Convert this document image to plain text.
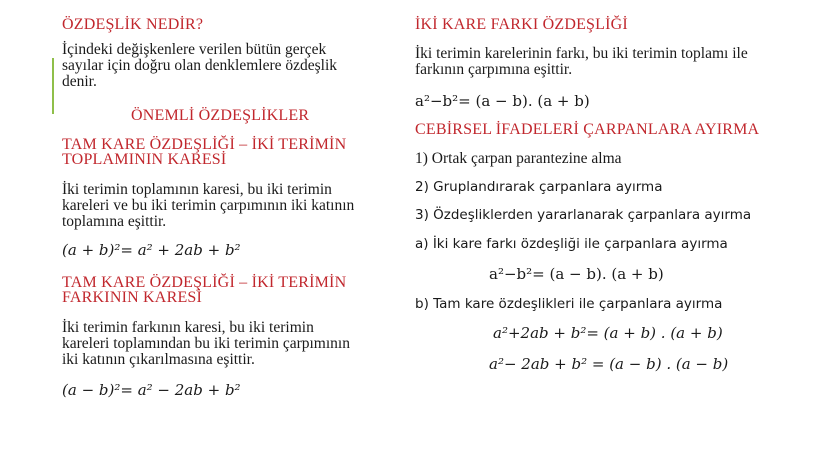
ÖZDEŞLİK NEDİR?
İçindeki değişkenlere verilen bütün gerçek
sayılar için doğru olan denklemlere özdeşlik
denir.
ÖNEMLİ ÖZDEŞLİKLER
TAM KARE ÖZDEŞLİĞİ – İKİ TERİMİN
TOPLAMININ KARESİ
İki terimin toplamının karesi, bu iki terimin
kareleri ve bu iki terimin çarpımının iki katının
toplamına eşittir.
(a + b)²= a² + 2ab + b²
TAM KARE ÖZDEŞLİĞİ – İKİ TERİMİN
FARKININ KARESİ
İki terimin farkının karesi, bu iki terimin
kareleri toplamından bu iki terimin çarpımının
iki katının çıkarılmasına eşittir.
(a − b)²= a² − 2ab + b²
İKİ KARE FARKI ÖZDEŞLİĞİ
İki terimin karelerinin farkı, bu iki terimin toplamı ile
farkının çarpımına eşittir.
a²−b²= (a − b). (a + b)
CEBİRSEL İFADELERİ ÇARPANLARA AYIRMA
1) Ortak çarpan parantezine alma
2) Gruplandırarak çarpanlara ayırma
3) Özdeşliklerden yararlanarak çarpanlara ayırma
a) İki kare farkı özdeşliği ile çarpanlara ayırma
a²−b²= (a − b). (a + b)
b) Tam kare özdeşlikleri ile çarpanlara ayırma
a²+2ab + b²= (a + b) . (a + b)
a²− 2ab + b² = (a − b) . (a − b)
